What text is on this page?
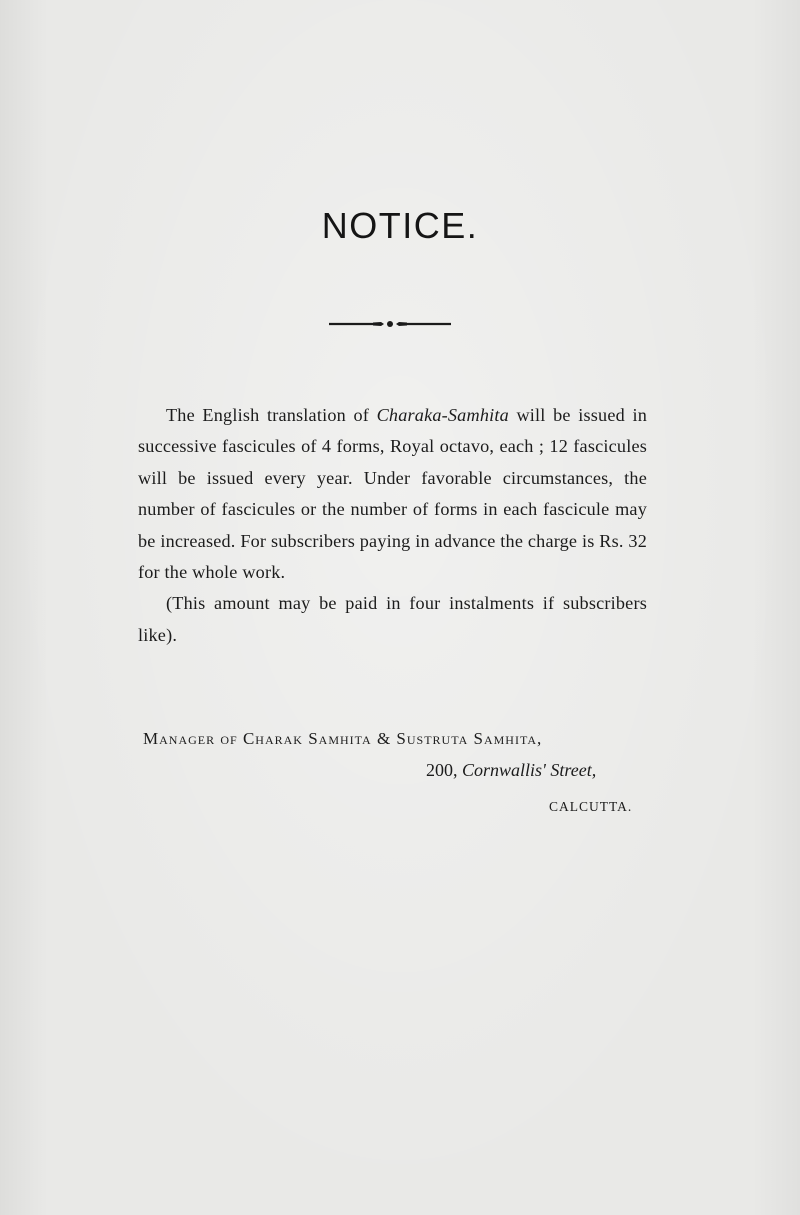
NOTICE.

The English translation of Charaka-Samhita will be issued in successive fascicules of 4 forms, Royal octavo, each ; 12 fascicules will be issued every year. Under favorable circumstances, the number of fascicules or the number of forms in each fascicule may be increased. For subscribers paying in advance the charge is Rs. 32 for the whole work.

(This amount may be paid in four instalments if subscribers like).

Manager of Charak Samhita & Sustruta Samhita,
200, Cornwallis' Street,
CALCUTTA.
